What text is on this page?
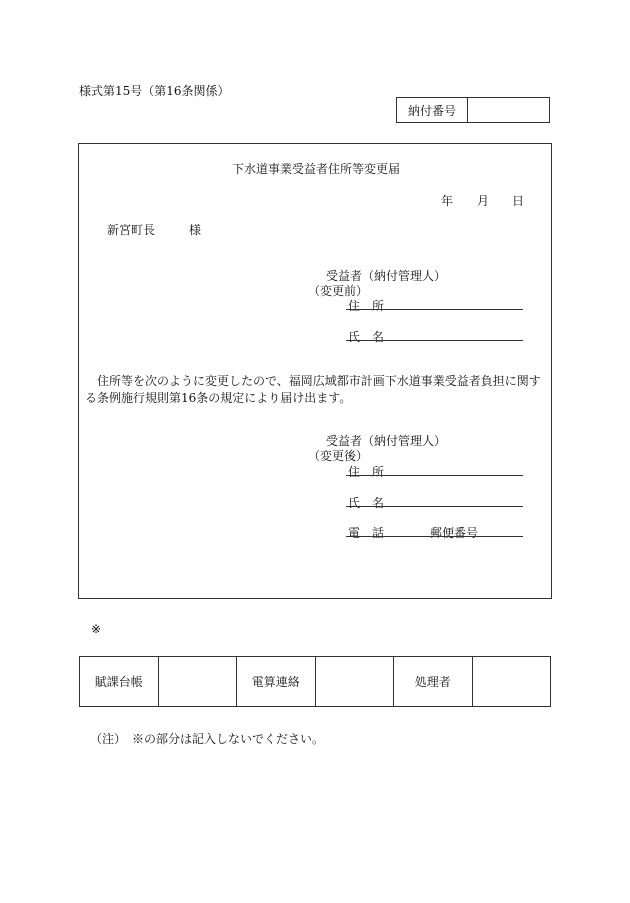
様式第15号（第16条関係）
納付番号
下水道事業受益者住所等変更届
年 月 日
新宮町長	様
受益者（納付管理人）
（変更前）
住　所
氏　名
住所等を次のように変更したので、福岡広域都市計画下水道事業受益者負担に関する条例施行規則第16条の規定により届け出ます。
受益者（納付管理人）
（変更後）
住　所
氏　名
電　話	郵便番号
※
賦課台帳	電算連絡	処理者
（注）　※の部分は記入しないでください。
